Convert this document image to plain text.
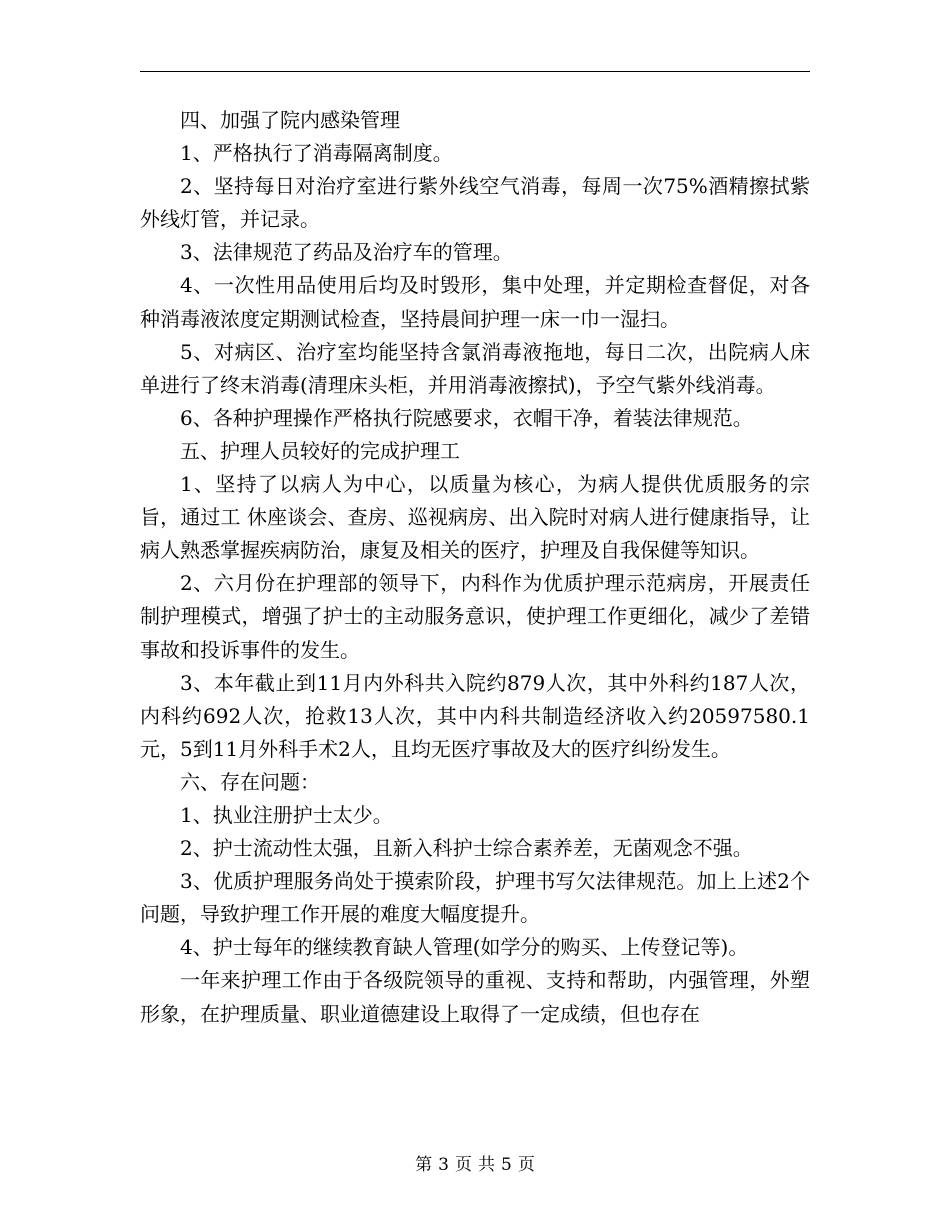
四、加强了院内感染管理

1、严格执行了消毒隔离制度。

2、坚持每日对治疗室进行紫外线空气消毒，每周一次75%酒精擦拭紫外线灯管，并记录。

3、法律规范了药品及治疗车的管理。

4、一次性用品使用后均及时毁形，集中处理，并定期检查督促，对各种消毒液浓度定期测试检查，坚持晨间护理一床一巾一湿扫。

5、对病区、治疗室均能坚持含氯消毒液拖地，每日二次，出院病人床单进行了终末消毒(清理床头柜，并用消毒液擦拭)，予空气紫外线消毒。

6、各种护理操作严格执行院感要求，衣帽干净，着装法律规范。

五、护理人员较好的完成护理工

1、坚持了以病人为中心，以质量为核心，为病人提供优质服务的宗旨，通过工 休座谈会、查房、巡视病房、出入院时对病人进行健康指导，让病人熟悉掌握疾病防治，康复及相关的医疗，护理及自我保健等知识。

2、六月份在护理部的领导下，内科作为优质护理示范病房，开展责任制护理模式，增强了护士的主动服务意识，使护理工作更细化，减少了差错事故和投诉事件的发生。

3、本年截止到11月内外科共入院约879人次，其中外科约187人次，内科约692人次，抢救13人次，其中内科共制造经济收入约20597580.1元，5到11月外科手术2人，且均无医疗事故及大的医疗纠纷发生。

六、存在问题：

1、执业注册护士太少。

2、护士流动性太强，且新入科护士综合素养差，无菌观念不强。

3、优质护理服务尚处于摸索阶段，护理书写欠法律规范。加上上述2个问题，导致护理工作开展的难度大幅度提升。

4、护士每年的继续教育缺人管理(如学分的购买、上传登记等)。

一年来护理工作由于各级院领导的重视、支持和帮助，内强管理，外塑形象，在护理质量、职业道德建设上取得了一定成绩，但也存在

第 3 页 共 5 页
